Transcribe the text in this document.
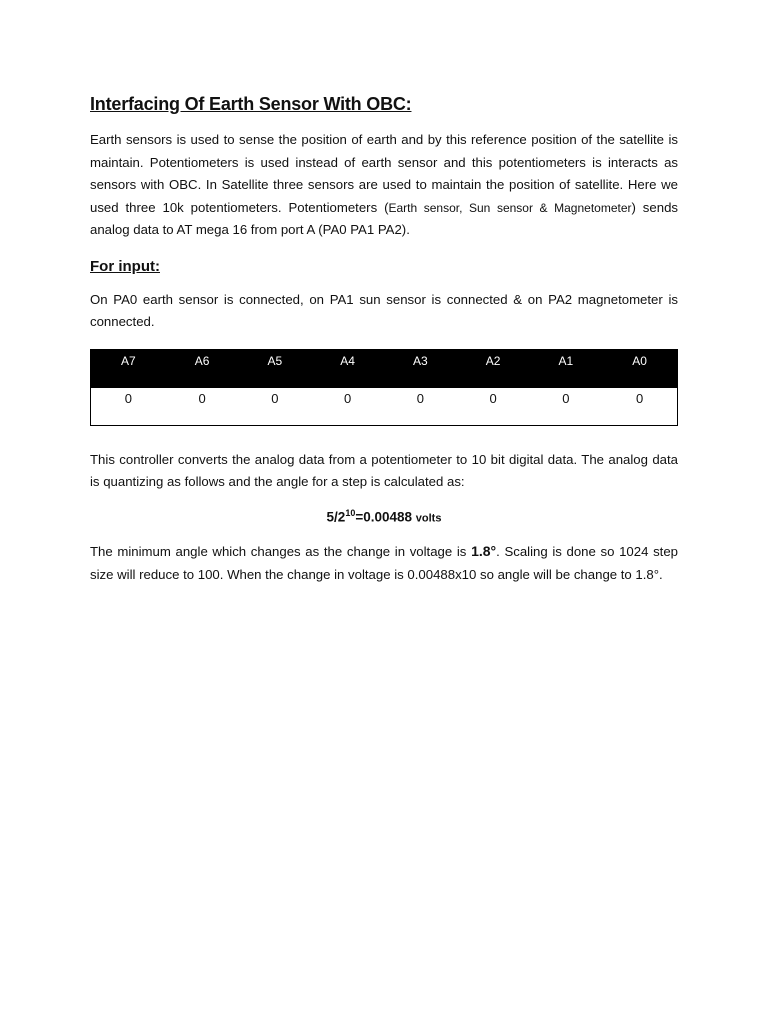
Interfacing Of Earth Sensor With OBC:

Earth sensors is used to sense the position of earth and by this reference position of the satellite is maintain. Potentiometers is used instead of earth sensor and this potentiometers is interacts as sensors with OBC. In Satellite three sensors are used to maintain the position of satellite. Here we used three 10k potentiometers. Potentiometers (Earth sensor, Sun sensor & Magnetometer) sends analog data to AT mega 16 from port A (PA0 PA1 PA2).

For input:

On PA0 earth sensor is connected, on PA1 sun sensor is connected & on PA2 magnetometer is connected.

A7	A6	A5	A4	A3	A2	A1	A0
0	0	0	0	0	0	0	0

This controller converts the analog data from a potentiometer to 10 bit digital data. The analog data is quantizing as follows and the angle for a step is calculated as:

$5/2^{10}=0.00488$ volts

The minimum angle which changes as the change in voltage is 1.8°. Scaling is done so 1024 step size will reduce to 100. When the change in voltage is 0.00488x10 so angle will be change to 1.8°.
